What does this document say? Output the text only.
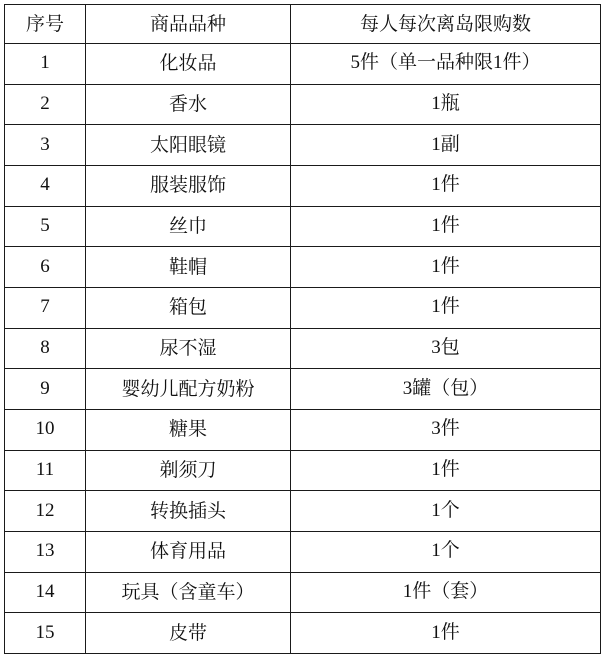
序号	商品品种	每人每次离岛限购数
1	化妆品	5件（单一品种限1件）
2	香水	1瓶
3	太阳眼镜	1副
4	服装服饰	1件
5	丝巾	1件
6	鞋帽	1件
7	箱包	1件
8	尿不湿	3包
9	婴幼儿配方奶粉	3罐（包）
10	糖果	3件
11	剃须刀	1件
12	转换插头	1个
13	体育用品	1个
14	玩具（含童车）	1件（套）
15	皮带	1件
